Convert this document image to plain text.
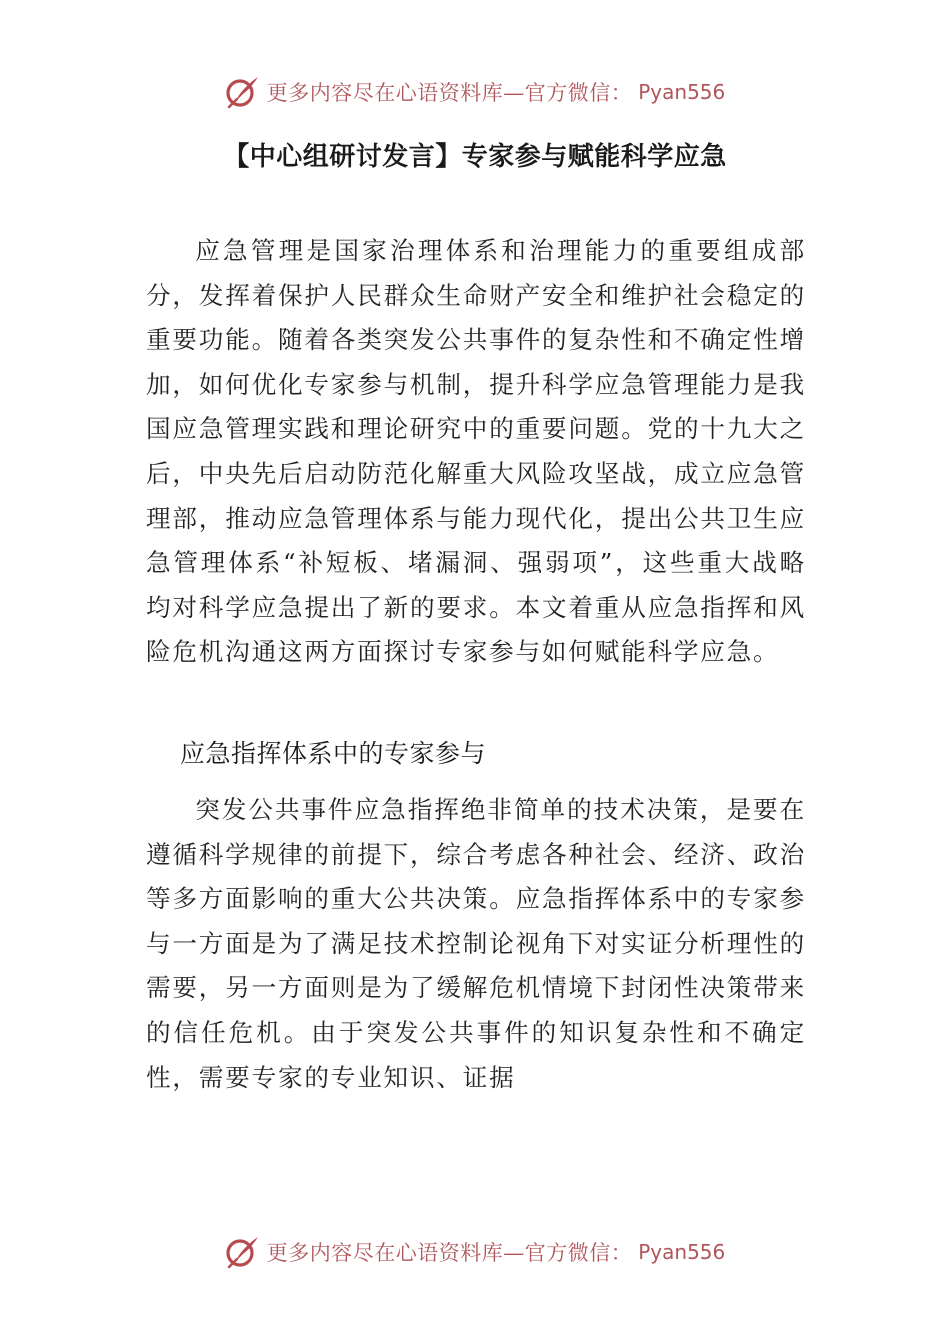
更多内容尽在心语资料库—官方微信： Pyan556
【中心组研讨发言】专家参与赋能科学应急

应急管理是国家治理体系和治理能力的重要组成部分，发挥着保护人民群众生命财产安全和维护社会稳定的重要功能。随着各类突发公共事件的复杂性和不确定性增加，如何优化专家参与机制，提升科学应急管理能力是我国应急管理实践和理论研究中的重要问题。党的十九大之后，中央先后启动防范化解重大风险攻坚战，成立应急管理部，推动应急管理体系与能力现代化，提出公共卫生应急管理体系“补短板、堵漏洞、强弱项”，这些重大战略均对科学应急提出了新的要求。本文着重从应急指挥和风险危机沟通这两方面探讨专家参与如何赋能科学应急。

应急指挥体系中的专家参与

突发公共事件应急指挥绝非简单的技术决策，是要在遵循科学规律的前提下，综合考虑各种社会、经济、政治等多方面影响的重大公共决策。应急指挥体系中的专家参与一方面是为了满足技术控制论视角下对实证分析理性的需要，另一方面则是为了缓解危机情境下封闭性决策带来的信任危机。由于突发公共事件的知识复杂性和不确定性，需要专家的专业知识、证据

更多内容尽在心语资料库—官方微信： Pyan556
